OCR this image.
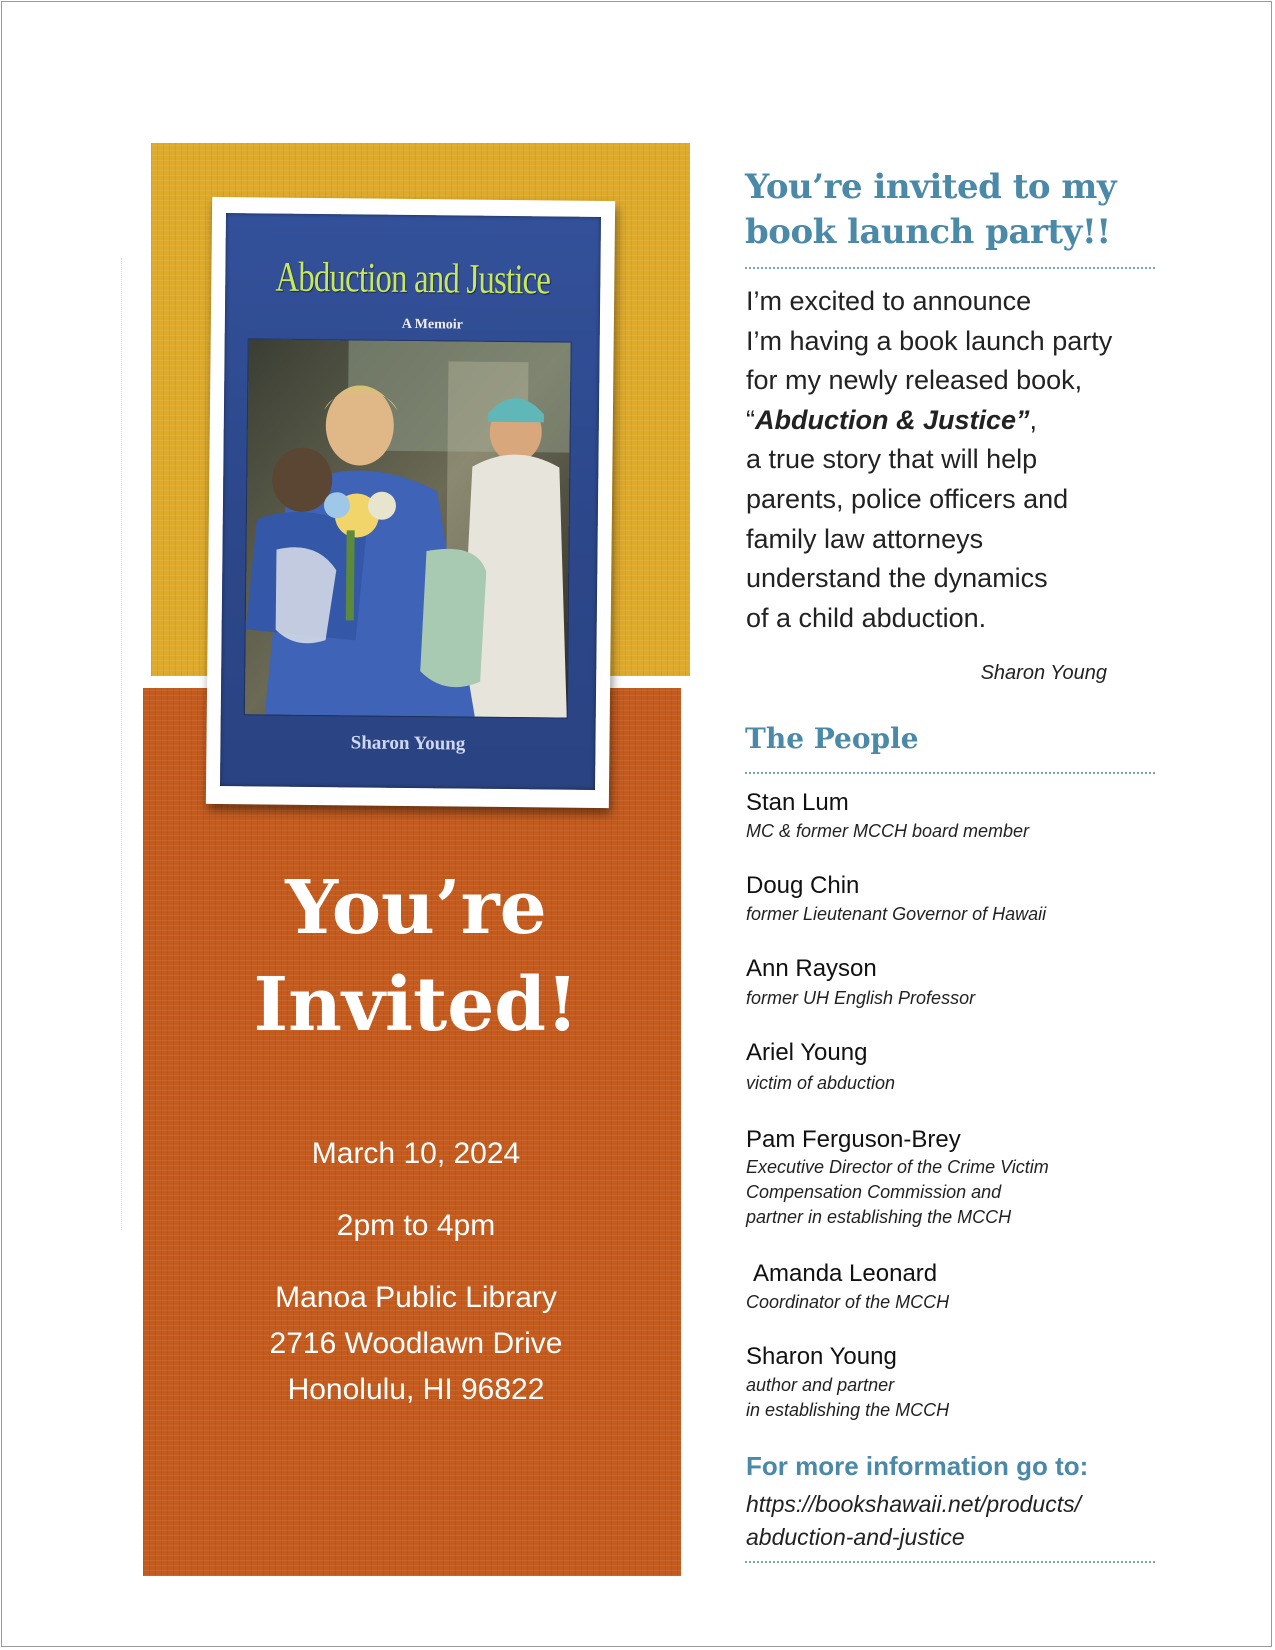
Abduction and Justice
A Memoir
Sharon Young
You’re Invited!

March 10, 2024

2pm to 4pm

Manoa Public Library
2716 Woodlawn Drive
Honolulu, HI 96822

You’re invited to my book launch party!!

I’m excited to announce
I’m having a book launch party
for my newly released book,
“Abduction & Justice”,
a true story that will help
parents, police officers and
family law attorneys
understand the dynamics
of a child abduction.

Sharon Young

The People

Stan Lum

MC & former MCCH board member

Doug Chin

former Lieutenant Governor of Hawaii

Ann Rayson

former UH English Professor

Ariel Young

victim of abduction

Pam Ferguson-Brey

Executive Director of the Crime Victim
Compensation Commission and
partner in establishing the MCCH

Amanda Leonard

Coordinator of the MCCH

Sharon Young

author and partner
in establishing the MCCH

For more information go to:

https://bookshawaii.net/products/
abduction-and-justice
